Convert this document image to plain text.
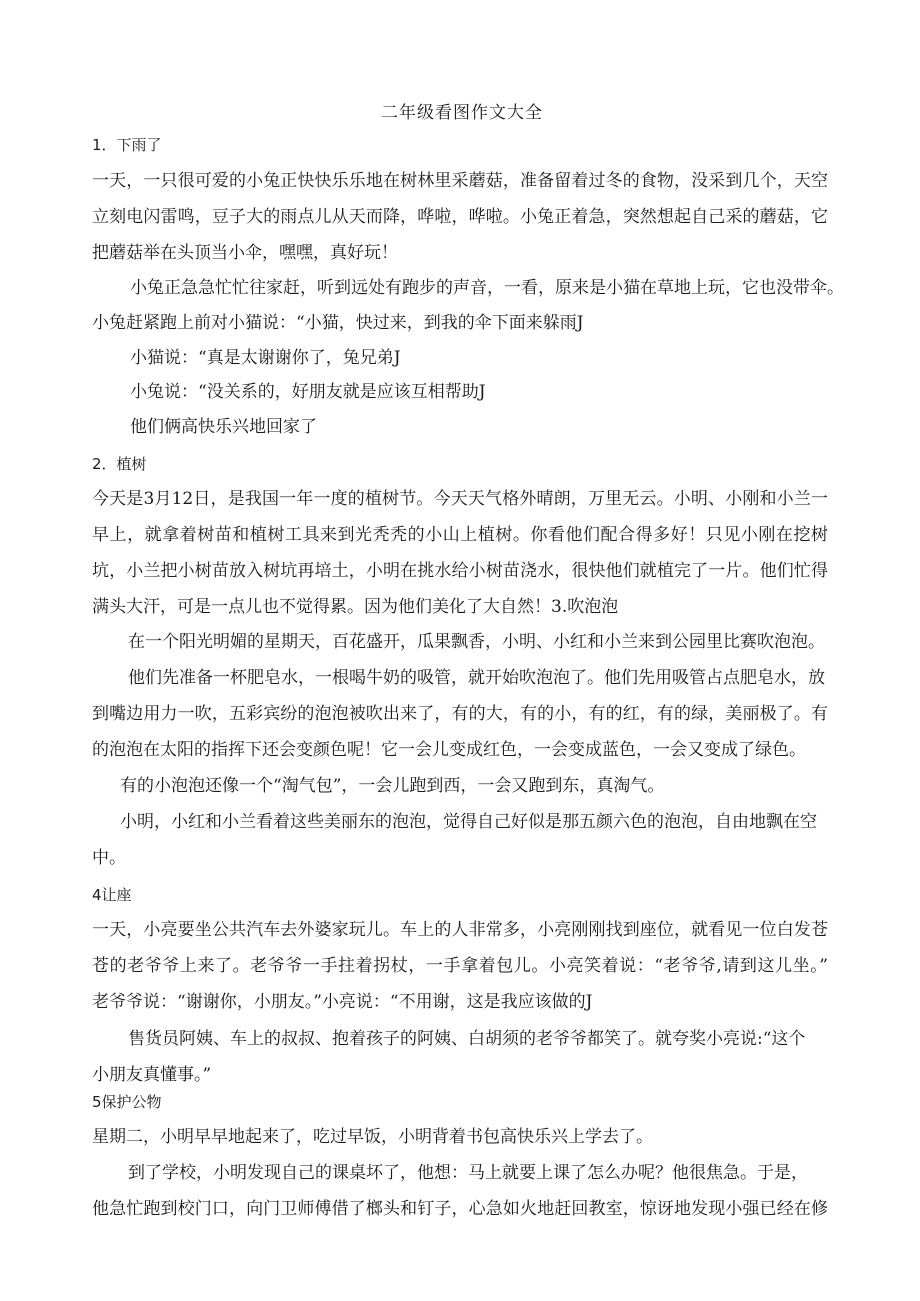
二年级看图作文大全
1．下雨了
一天，一只很可爱的小兔正快快乐乐地在树林里采蘑菇，准备留着过冬的食物，没采到几个，天空
立刻电闪雷鸣，豆子大的雨点儿从天而降，哗啦，哗啦。小兔正着急，突然想起自己采的蘑菇，它
把蘑菇举在头顶当小伞，嘿嘿，真好玩！
小兔正急急忙忙往家赶，听到远处有跑步的声音，一看，原来是小猫在草地上玩，它也没带伞。
小兔赶紧跑上前对小猫说：“小猫，快过来，到我的伞下面来躲雨J
小猫说：“真是太谢谢你了，兔兄弟J
小兔说：“没关系的，好朋友就是应该互相帮助J
他们俩高快乐兴地回家了
2．植树
今天是3月12日，是我国一年一度的植树节。今天天气格外晴朗，万里无云。小明、小刚和小兰一
早上，就拿着树苗和植树工具来到光秃秃的小山上植树。你看他们配合得多好！只见小刚在挖树
坑，小兰把小树苗放入树坑再培土，小明在挑水给小树苗浇水，很快他们就植完了一片。他们忙得
满头大汗，可是一点儿也不觉得累。因为他们美化了大自然！3.吹泡泡
在一个阳光明媚的星期天，百花盛开，瓜果飘香，小明、小红和小兰来到公园里比赛吹泡泡。
他们先准备一杯肥皂水，一根喝牛奶的吸管，就开始吹泡泡了。他们先用吸管占点肥皂水，放
到嘴边用力一吹，五彩宾纷的泡泡被吹出来了，有的大，有的小，有的红，有的绿，美丽极了。有
的泡泡在太阳的指挥下还会变颜色呢！它一会儿变成红色，一会变成蓝色，一会又变成了绿色。
有的小泡泡还像一个“淘气包”，一会儿跑到西，一会又跑到东，真淘气。
小明，小红和小兰看着这些美丽东的泡泡，觉得自己好似是那五颜六色的泡泡，自由地飘在空
中。
4让座
一天，小亮要坐公共汽车去外婆家玩儿。车上的人非常多，小亮刚刚找到座位，就看见一位白发苍
苍的老爷爷上来了。老爷爷一手拄着拐杖，一手拿着包儿。小亮笑着说：“老爷爷,请到这儿坐。”
老爷爷说：“谢谢你，小朋友。”小亮说：“不用谢，这是我应该做的J
售货员阿姨、车上的叔叔、抱着孩子的阿姨、白胡须的老爷爷都笑了。就夸奖小亮说:“这个
小朋友真懂事。”
5保护公物
星期二，小明早早地起来了，吃过早饭，小明背着书包高快乐兴上学去了。
到了学校，小明发现自己的课桌坏了，他想：马上就要上课了怎么办呢？他很焦急。于是，
他急忙跑到校门口，向门卫师傅借了榔头和钉子，心急如火地赶回教室，惊讶地发现小强已经在修
